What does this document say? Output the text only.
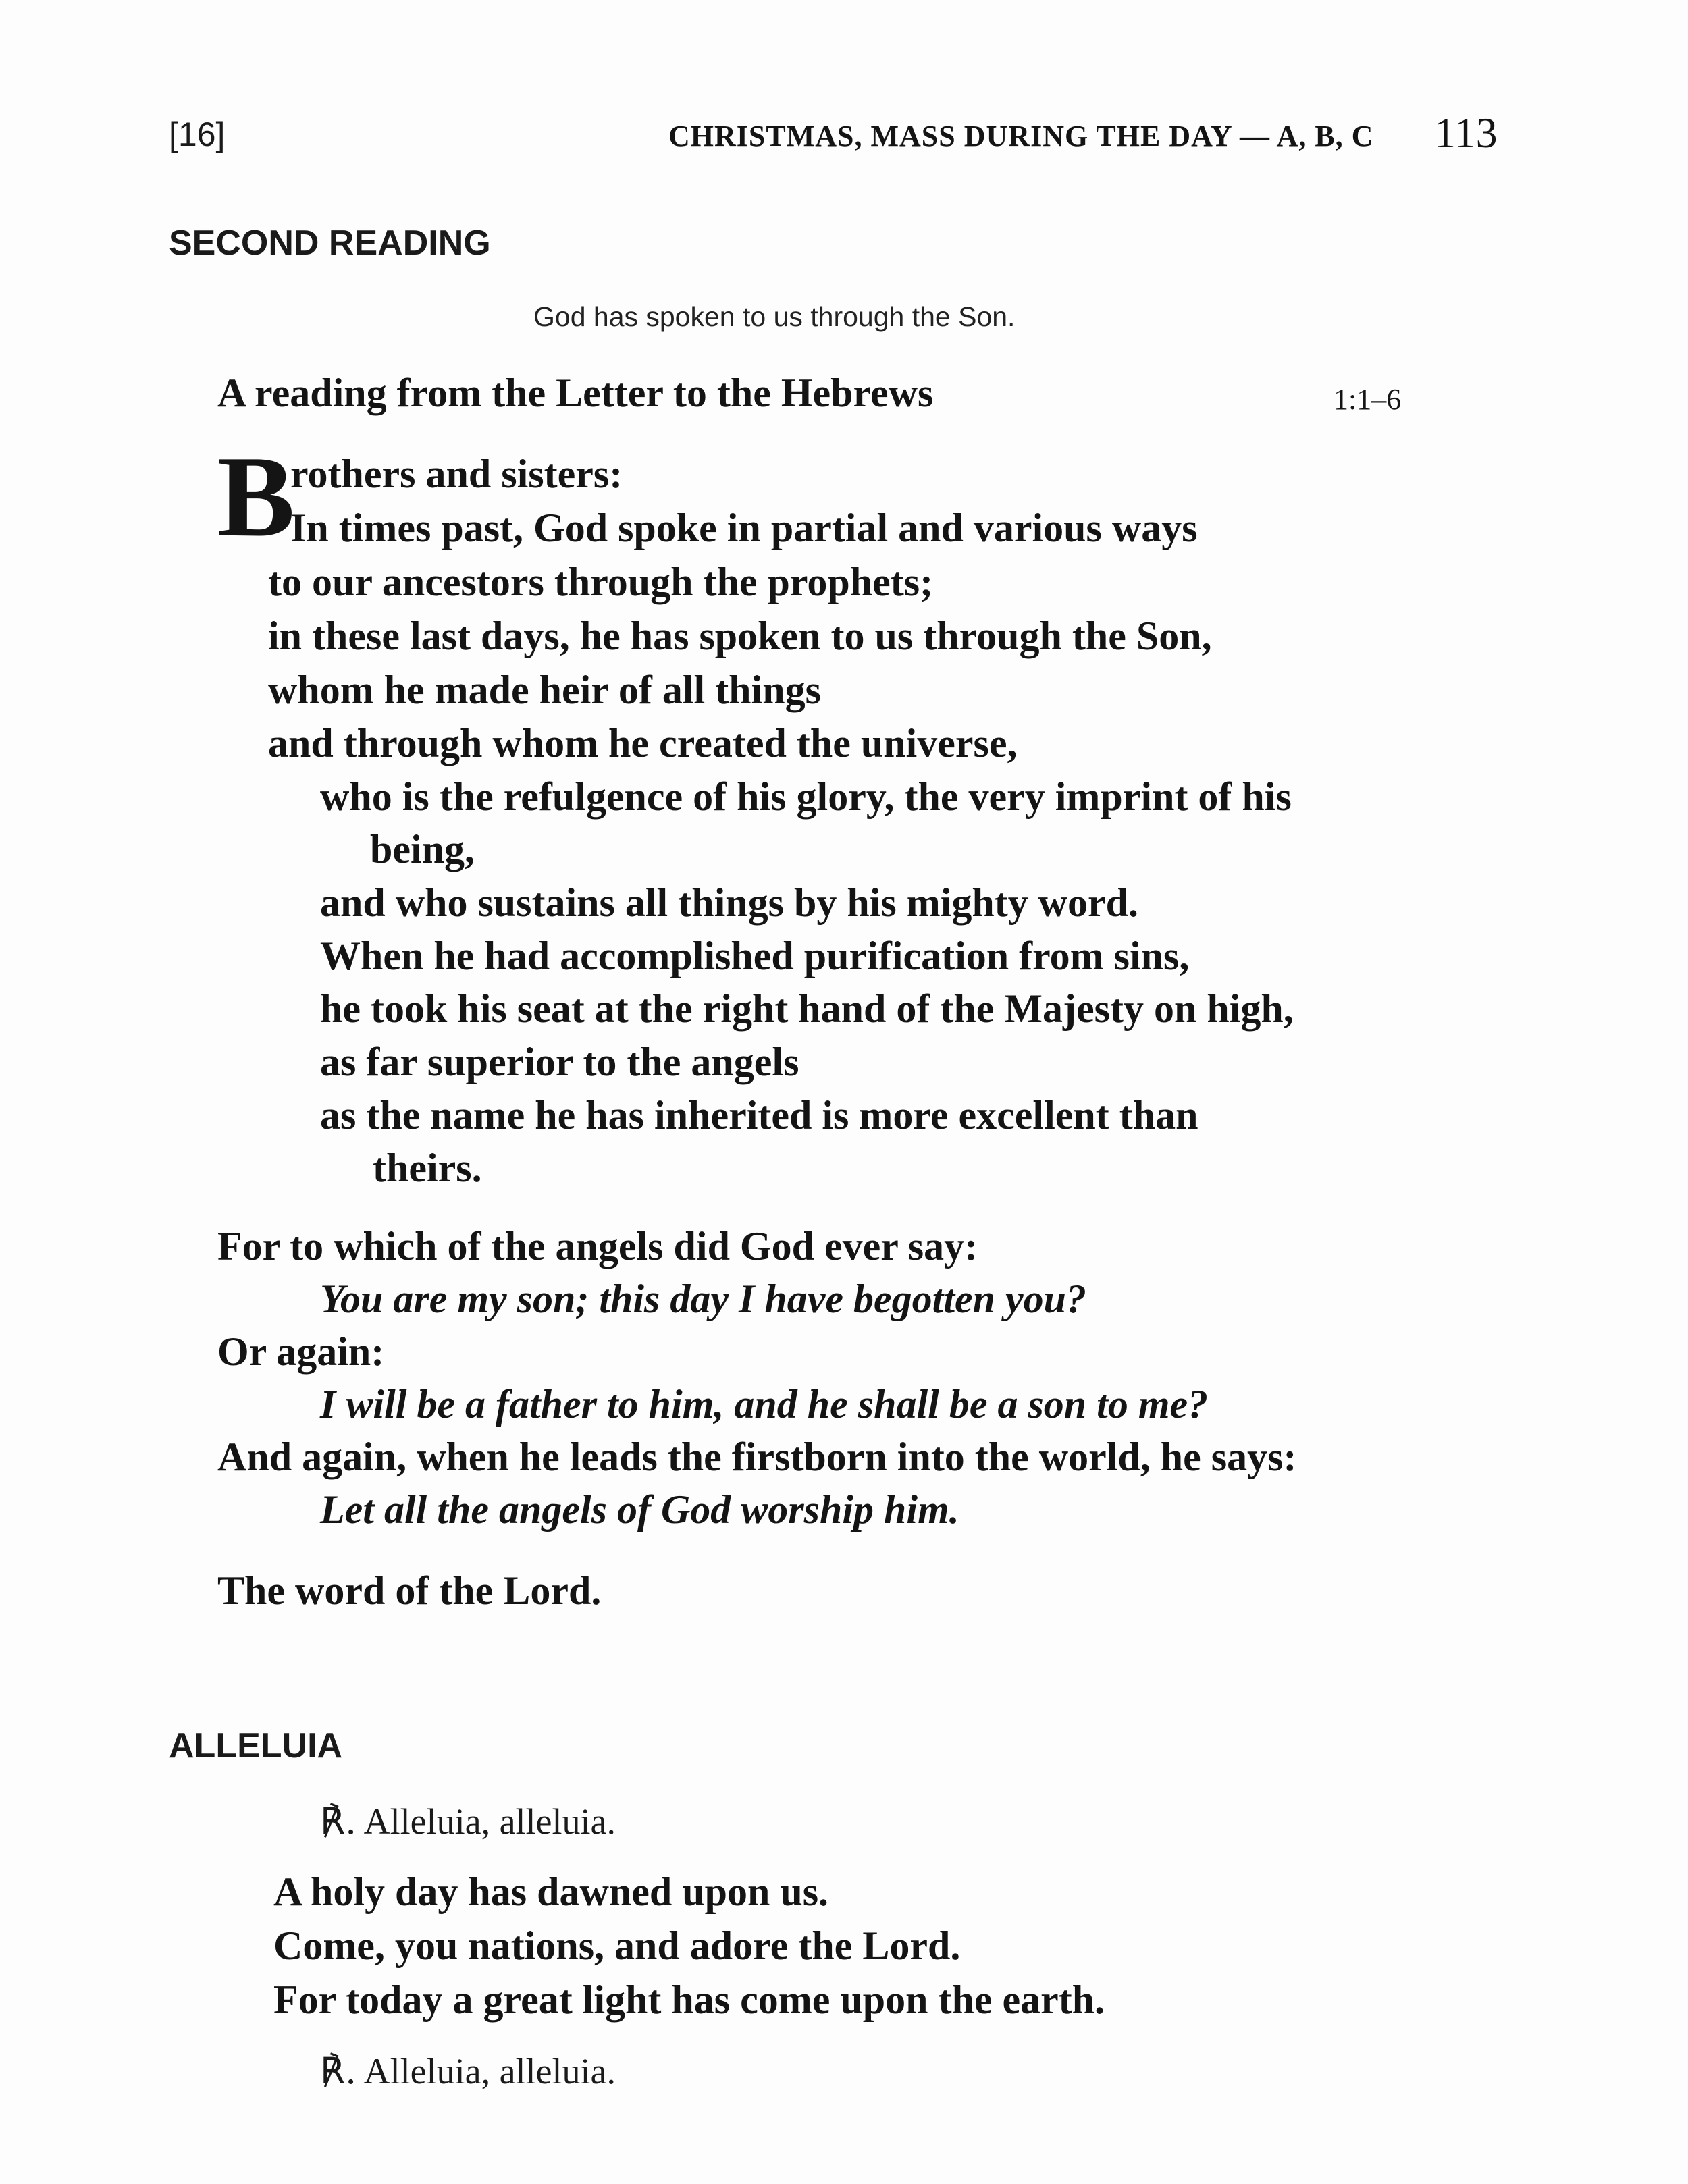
[16]	CHRISTMAS, MASS DURING THE DAY — A, B, C 113
SECOND READING
God has spoken to us through the Son.
A reading from the Letter to the Hebrews	1:1–6
B
rothers and sisters:
In times past, God spoke in partial and various ways
to our ancestors through the prophets;
in these last days, he has spoken to us through the Son,
whom he made heir of all things
and through whom he created the universe,
who is the refulgence of his glory, the very imprint of his
being,
and who sustains all things by his mighty word.
When he had accomplished purification from sins,
he took his seat at the right hand of the Majesty on high,
as far superior to the angels
as the name he has inherited is more excellent than
theirs.
For to which of the angels did God ever say:
You are my son; this day I have begotten you?
Or again:
I will be a father to him, and he shall be a son to me?
And again, when he leads the firstborn into the world, he says:
Let all the angels of God worship him.
The word of the Lord.
ALLELUIA
℟. Alleluia, alleluia.
A holy day has dawned upon us.
Come, you nations, and adore the Lord.
For today a great light has come upon the earth.
℟. Alleluia, alleluia.
